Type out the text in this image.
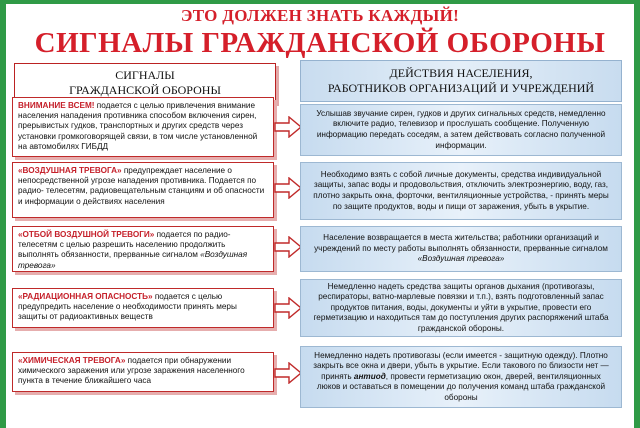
ЭТО ДОЛЖЕН ЗНАТЬ КАЖДЫЙ!
СИГНАЛЫ ГРАЖДАНСКОЙ ОБОРОНЫ
СИГНАЛЫ
ГРАЖДАНСКОЙ ОБОРОНЫ
ДЕЙСТВИЯ НАСЕЛЕНИЯ,
РАБОТНИКОВ ОРГАНИЗАЦИЙ И УЧРЕЖДЕНИЙ
ВНИМАНИЕ ВСЕМ! подается с целью привлечения внимание населения нападения противника способом включения сирен, прерывистых гудков, транспортных и других средств через установки громкоговорящей связи, в том числе установленной на автомобилях ГИБДД
Услышав звучание сирен, гудков и других сигнальных средств, немедленно включите радио, телевизор и прослушать сообщение. Полученную информацию передать соседям, а затем действовать согласно полученной информации.
«ВОЗДУШНАЯ ТРЕВОГА» предупреждает население о непосредственной угрозе нападения противника. Подается по радио- телесетям, радиовещательным станциям и об опасности и информации о действиях населения
Необходимо взять с собой личные документы, средства индивидуальной защиты, запас воды и продовольствия, отключить электроэнергию, воду, газ, плотно закрыть окна, форточки, вентиляционные устройства, - принять меры по защите продуктов, воды и пищи от заражения, убыть в укрытие.
«ОТБОЙ ВОЗДУШНОЙ ТРЕВОГИ» подается по радио- телесетям с целью разрешить населению продолжить выполнять обязанности, прерванные сигналом «Воздушная тревога»
Население возвращается в места жительства; работники организаций и учреждений по месту работы выполнять обязанности, прерванные сигналом «Воздушная тревога»
«РАДИАЦИОННАЯ ОПАСНОСТЬ» подается с целью предупредить население о необходимости принять меры защиты от радиоактивных веществ
Немедленно надеть средства защиты органов дыхания (противогазы, респираторы, ватно-марлевые повязки и т.п.), взять подготовленный запас продуктов питания, воды, документы и уйти в укрытие, провести его герметизацию и находиться там до поступления других распоряжений штаба гражданской обороны.
«ХИМИЧЕСКАЯ ТРЕВОГА» подается при обнаружении химического заражения или угрозе заражения населенного пункта в течение ближайшего часа
Немедленно надеть противогазы (если имеется - защитную одежду). Плотно закрыть все окна и двери, убыть в укрытие. Если такового по близости нет — принять антиод, провести герметизацию окон, дверей, вентиляционных люков и оставаться в помещении до получения команд штаба гражданской обороны
